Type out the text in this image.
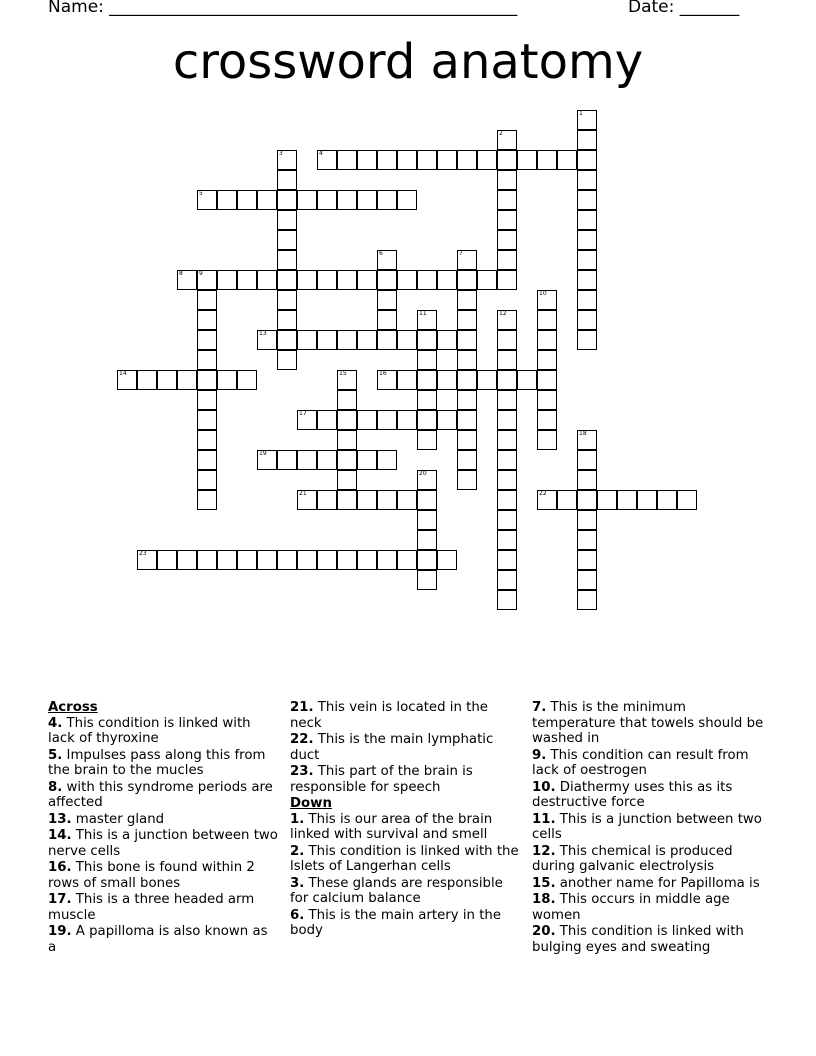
Name: ________________________________________________	Date: _______
crossword anatomy
1
2
3	4
5
6	7
8	9
10
11	12
13
14	15	16
17
18
19
20
21	22
23
Across
4. This condition is linked with lack of thyroxine
5. Impulses pass along this from the brain to the mucles
8. with this syndrome periods are affected
13. master gland
14. This is a junction between two nerve cells
16. This bone is found within 2 rows of small bones
17. This is a three headed arm muscle
19. A papilloma is also known as a
21. This vein is located in the neck
22. This is the main lymphatic duct
23. This part of the brain is responsible for speech
Down
1. This is our area of the brain linked with survival and smell
2. This condition is linked with the lslets of Langerhan cells
3. These glands are responsible for calcium balance
6. This is the main artery in the body
7. This is the minimum temperature that towels should be washed in
9. This condition can result from lack of oestrogen
10. Diathermy uses this as its destructive force
11. This is a junction between two cells
12. This chemical is produced during galvanic electrolysis
15. another name for Papilloma is
18. This occurs in middle age women
20. This condition is linked with bulging eyes and sweating
